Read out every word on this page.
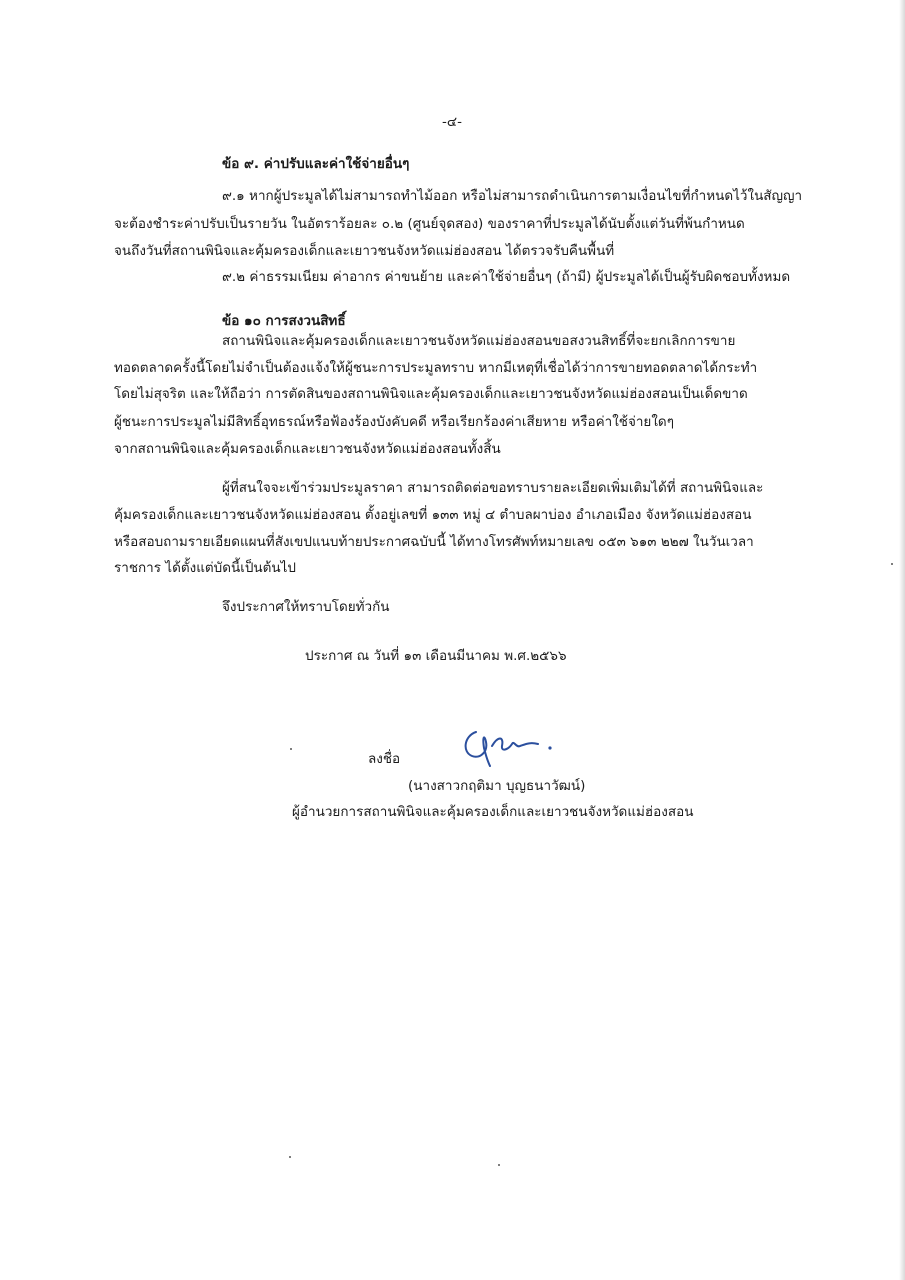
-๔-
ข้อ ๙. ค่าปรับและค่าใช้จ่ายอื่นๆ
๙.๑ หากผู้ประมูลได้ไม่สามารถทำไม้ออก หรือไม่สามารถดำเนินการตามเงื่อนไขที่กำหนดไว้ในสัญญา
จะต้องชำระค่าปรับเป็นรายวัน ในอัตราร้อยละ ๐.๒ (ศูนย์จุดสอง) ของราคาที่ประมูลได้นับตั้งแต่วันที่พ้นกำหนด
จนถึงวันที่สถานพินิจและคุ้มครองเด็กและเยาวชนจังหวัดแม่ฮ่องสอน ได้ตรวจรับคืนพื้นที่
๙.๒ ค่าธรรมเนียม ค่าอากร ค่าขนย้าย และค่าใช้จ่ายอื่นๆ (ถ้ามี) ผู้ประมูลได้เป็นผู้รับผิดชอบทั้งหมด
ข้อ ๑๐ การสงวนสิทธิ์
สถานพินิจและคุ้มครองเด็กและเยาวชนจังหวัดแม่ฮ่องสอนขอสงวนสิทธิ์ที่จะยกเลิกการขาย
ทอดตลาดครั้งนี้โดยไม่จำเป็นต้องแจ้งให้ผู้ชนะการประมูลทราบ หากมีเหตุที่เชื่อได้ว่าการขายทอดตลาดได้กระทำ
โดยไม่สุจริต และให้ถือว่า การตัดสินของสถานพินิจและคุ้มครองเด็กและเยาวชนจังหวัดแม่ฮ่องสอนเป็นเด็ดขาด
ผู้ชนะการประมูลไม่มีสิทธิ์อุทธรณ์หรือฟ้องร้องบังคับคดี หรือเรียกร้องค่าเสียหาย หรือค่าใช้จ่ายใดๆ
จากสถานพินิจและคุ้มครองเด็กและเยาวชนจังหวัดแม่ฮ่องสอนทั้งสิ้น
ผู้ที่สนใจจะเข้าร่วมประมูลราคา สามารถติดต่อขอทราบรายละเอียดเพิ่มเติมได้ที่ สถานพินิจและ
คุ้มครองเด็กและเยาวชนจังหวัดแม่ฮ่องสอน ตั้งอยู่เลขที่ ๑๓๓ หมู่ ๔ ตำบลผาบ่อง อำเภอเมือง จังหวัดแม่ฮ่องสอน
หรือสอบถามรายเอียดแผนที่สังเขปแนบท้ายประกาศฉบับนี้ ได้ทางโทรศัพท์หมายเลข ๐๕๓ ๖๑๓ ๒๒๗ ในวันเวลา
ราชการ ได้ตั้งแต่บัดนี้เป็นต้นไป
จึงประกาศให้ทราบโดยทั่วกัน
ประกาศ ณ วันที่ ๑๓ เดือนมีนาคม พ.ศ.๒๕๖๖
ลงชื่อ
(นางสาวกฤติมา บุญธนาวัฒน์)
ผู้อำนวยการสถานพินิจและคุ้มครองเด็กและเยาวชนจังหวัดแม่ฮ่องสอน
